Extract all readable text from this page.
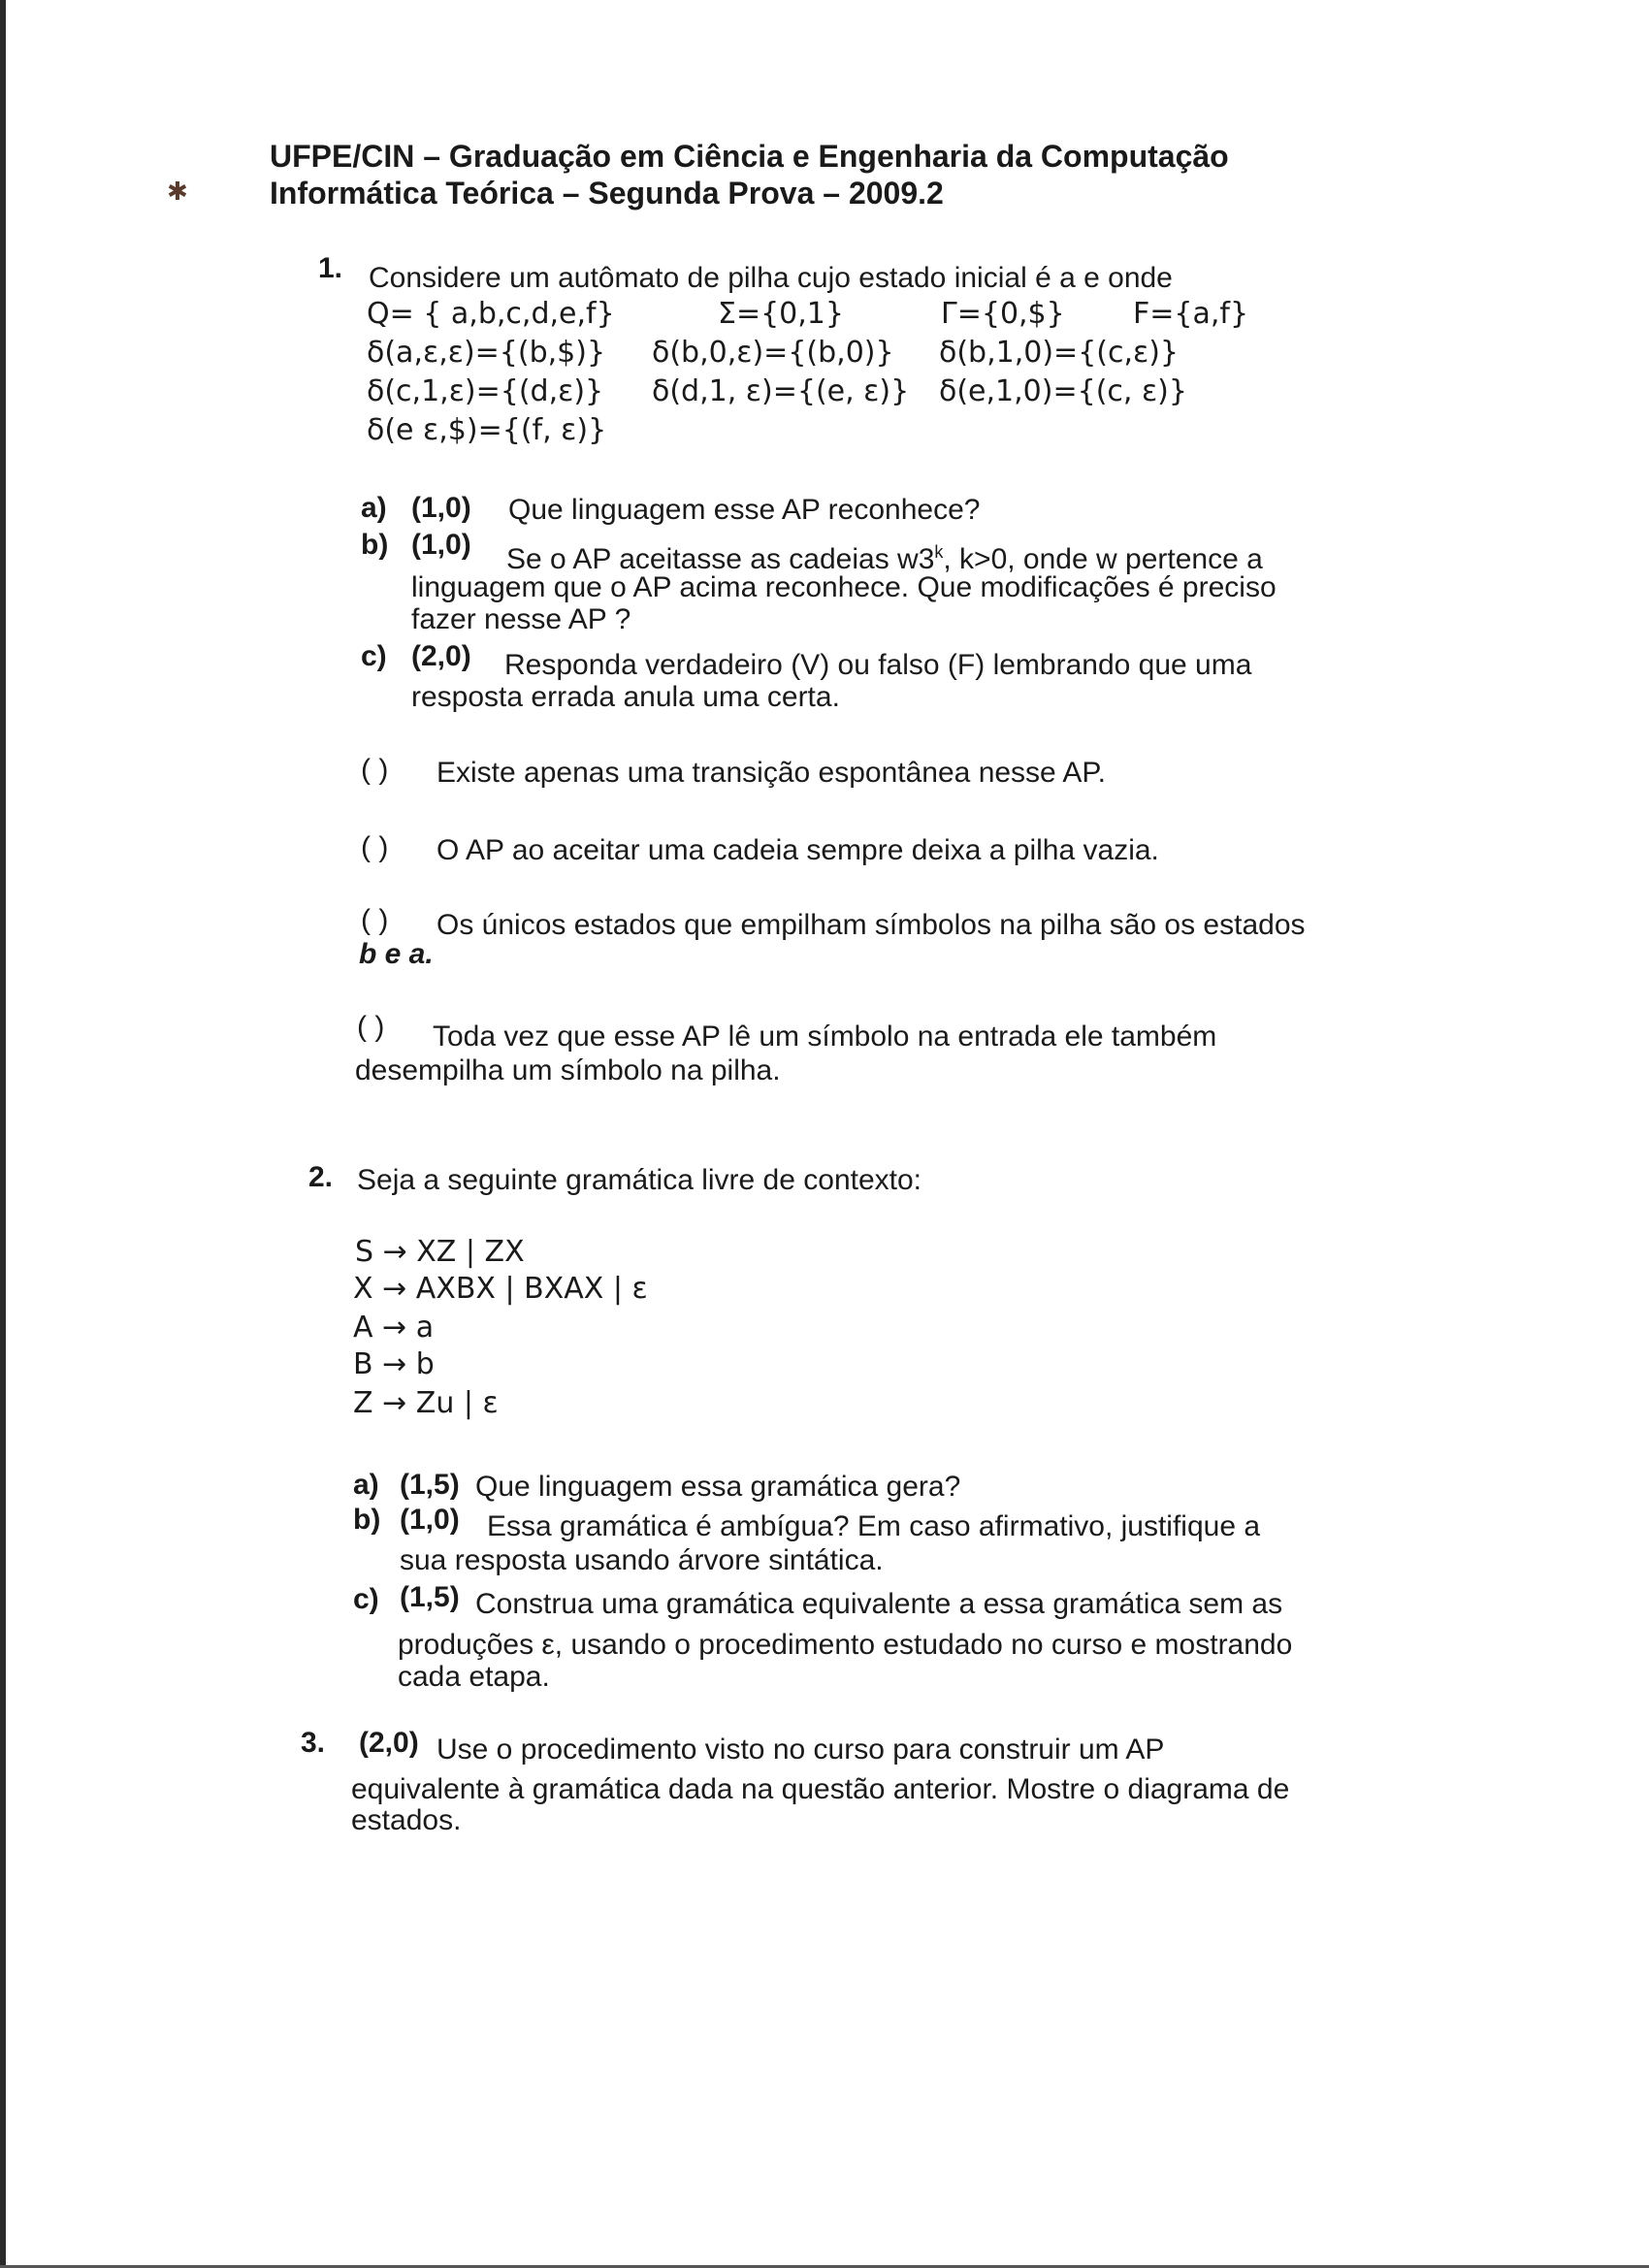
✱
UFPE/CIN – Graduação em Ciência e Engenharia da Computação
Informática Teórica – Segunda Prova – 2009.2
1. Considere um autômato de pilha cujo estado inicial é a e onde
Q= { a,b,c,d,e,f}	Σ={0,1}	Γ={0,$} F={a,f}
δ(a,ε,ε)={(b,$)} δ(b,0,ε)={(b,0)} δ(b,1,0)={(c,ε)}
δ(c,1,ε)={(d,ε)} δ(d,1, ε)={(e, ε)} δ(e,1,0)={(c, ε)}
δ(e ε,$)={(f, ε)}
a) (1,0) Que linguagem esse AP reconhece?
b) (1,0) Se o AP aceitasse as cadeias w3$^k$, k>0, onde w pertence a
linguagem que o AP acima reconhece. Que modificações é preciso
fazer nesse AP ?
c) (2,0) Responda verdadeiro (V) ou falso (F) lembrando que uma
resposta errada anula uma certa.
( ) Existe apenas uma transição espontânea nesse AP.
( ) O AP ao aceitar uma cadeia sempre deixa a pilha vazia.
( ) Os únicos estados que empilham símbolos na pilha são os estados
b e a.
( ) Toda vez que esse AP lê um símbolo na entrada ele também
desempilha um símbolo na pilha.
2. Seja a seguinte gramática livre de contexto:
S → XZ | ZX
X → AXBX | BXAX | ε
A → a
B → b
Z → Zu | ε
a) (1,5) Que linguagem essa gramática gera?
b) (1,0) Essa gramática é ambígua? Em caso afirmativo, justifique a
sua resposta usando árvore sintática.
c) (1,5) Construa uma gramática equivalente a essa gramática sem as
produções ε, usando o procedimento estudado no curso e mostrando
cada etapa.
3. (2,0) Use o procedimento visto no curso para construir um AP
equivalente à gramática dada na questão anterior. Mostre o diagrama de
estados.
